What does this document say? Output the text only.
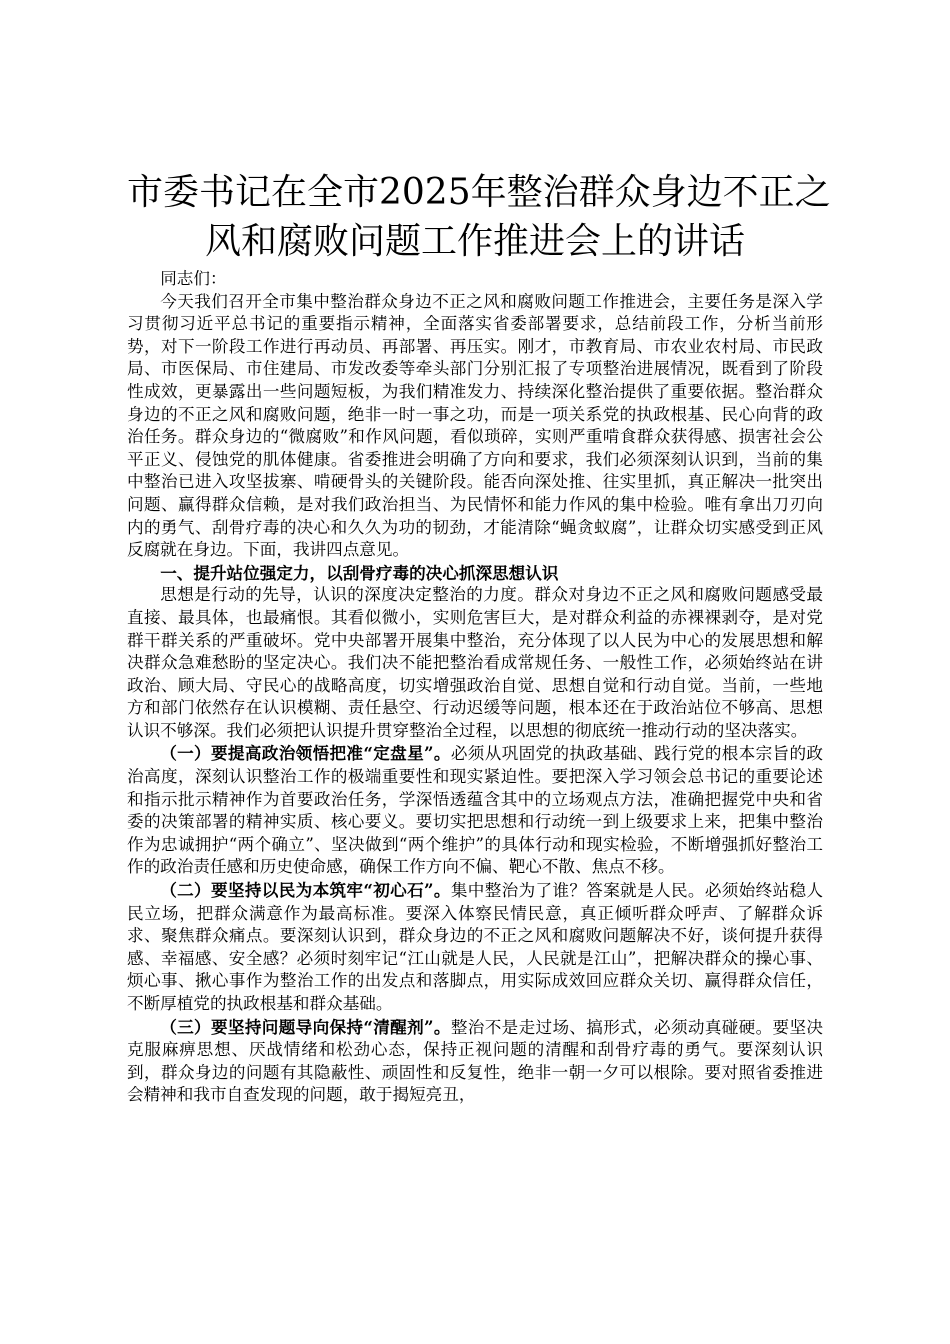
市委书记在全市2025年整治群众身边不正之
风和腐败问题工作推进会上的讲话

同志们：

今天我们召开全市集中整治群众身边不正之风和腐败问题工作推进会，主要任务是深入学习贯彻习近平总书记的重要指示精神，全面落实省委部署要求，总结前段工作，分析当前形势，对下一阶段工作进行再动员、再部署、再压实。刚才，市教育局、市农业农村局、市民政局、市医保局、市住建局、市发改委等牵头部门分别汇报了专项整治进展情况，既看到了阶段性成效，更暴露出一些问题短板，为我们精准发力、持续深化整治提供了重要依据。整治群众身边的不正之风和腐败问题，绝非一时一事之功，而是一项关系党的执政根基、民心向背的政治任务。群众身边的“微腐败”和作风问题，看似琐碎，实则严重啃食群众获得感、损害社会公平正义、侵蚀党的肌体健康。省委推进会明确了方向和要求，我们必须深刻认识到，当前的集中整治已进入攻坚拔寨、啃硬骨头的关键阶段。能否向深处推、往实里抓，真正解决一批突出问题、赢得群众信赖，是对我们政治担当、为民情怀和能力作风的集中检验。唯有拿出刀刃向内的勇气、刮骨疗毒的决心和久久为功的韧劲，才能清除“蝇贪蚁腐”，让群众切实感受到正风反腐就在身边。下面，我讲四点意见。

一、提升站位强定力，以刮骨疗毒的决心抓深思想认识

思想是行动的先导，认识的深度决定整治的力度。群众对身边不正之风和腐败问题感受最直接、最具体，也最痛恨。其看似微小，实则危害巨大，是对群众利益的赤裸裸剥夺，是对党群干群关系的严重破坏。党中央部署开展集中整治，充分体现了以人民为中心的发展思想和解决群众急难愁盼的坚定决心。我们决不能把整治看成常规任务、一般性工作，必须始终站在讲政治、顾大局、守民心的战略高度，切实增强政治自觉、思想自觉和行动自觉。当前，一些地方和部门依然存在认识模糊、责任悬空、行动迟缓等问题，根本还在于政治站位不够高、思想认识不够深。我们必须把认识提升贯穿整治全过程，以思想的彻底统一推动行动的坚决落实。

（一）要提高政治领悟把准“定盘星”。必须从巩固党的执政基础、践行党的根本宗旨的政治高度，深刻认识整治工作的极端重要性和现实紧迫性。要把深入学习领会总书记的重要论述和指示批示精神作为首要政治任务，学深悟透蕴含其中的立场观点方法，准确把握党中央和省委的决策部署的精神实质、核心要义。要切实把思想和行动统一到上级要求上来，把集中整治作为忠诚拥护“两个确立”、坚决做到“两个维护”的具体行动和现实检验，不断增强抓好整治工作的政治责任感和历史使命感，确保工作方向不偏、靶心不散、焦点不移。

（二）要坚持以民为本筑牢“初心石”。集中整治为了谁？答案就是人民。必须始终站稳人民立场，把群众满意作为最高标准。要深入体察民情民意，真正倾听群众呼声、了解群众诉求、聚焦群众痛点。要深刻认识到，群众身边的不正之风和腐败问题解决不好，谈何提升获得感、幸福感、安全感？必须时刻牢记“江山就是人民，人民就是江山”，把解决群众的操心事、烦心事、揪心事作为整治工作的出发点和落脚点，用实际成效回应群众关切、赢得群众信任，不断厚植党的执政根基和群众基础。

（三）要坚持问题导向保持“清醒剂”。整治不是走过场、搞形式，必须动真碰硬。要坚决克服麻痹思想、厌战情绪和松劲心态，保持正视问题的清醒和刮骨疗毒的勇气。要深刻认识到，群众身边的问题有其隐蔽性、顽固性和反复性，绝非一朝一夕可以根除。要对照省委推进会精神和我市自查发现的问题，敢于揭短亮丑，
